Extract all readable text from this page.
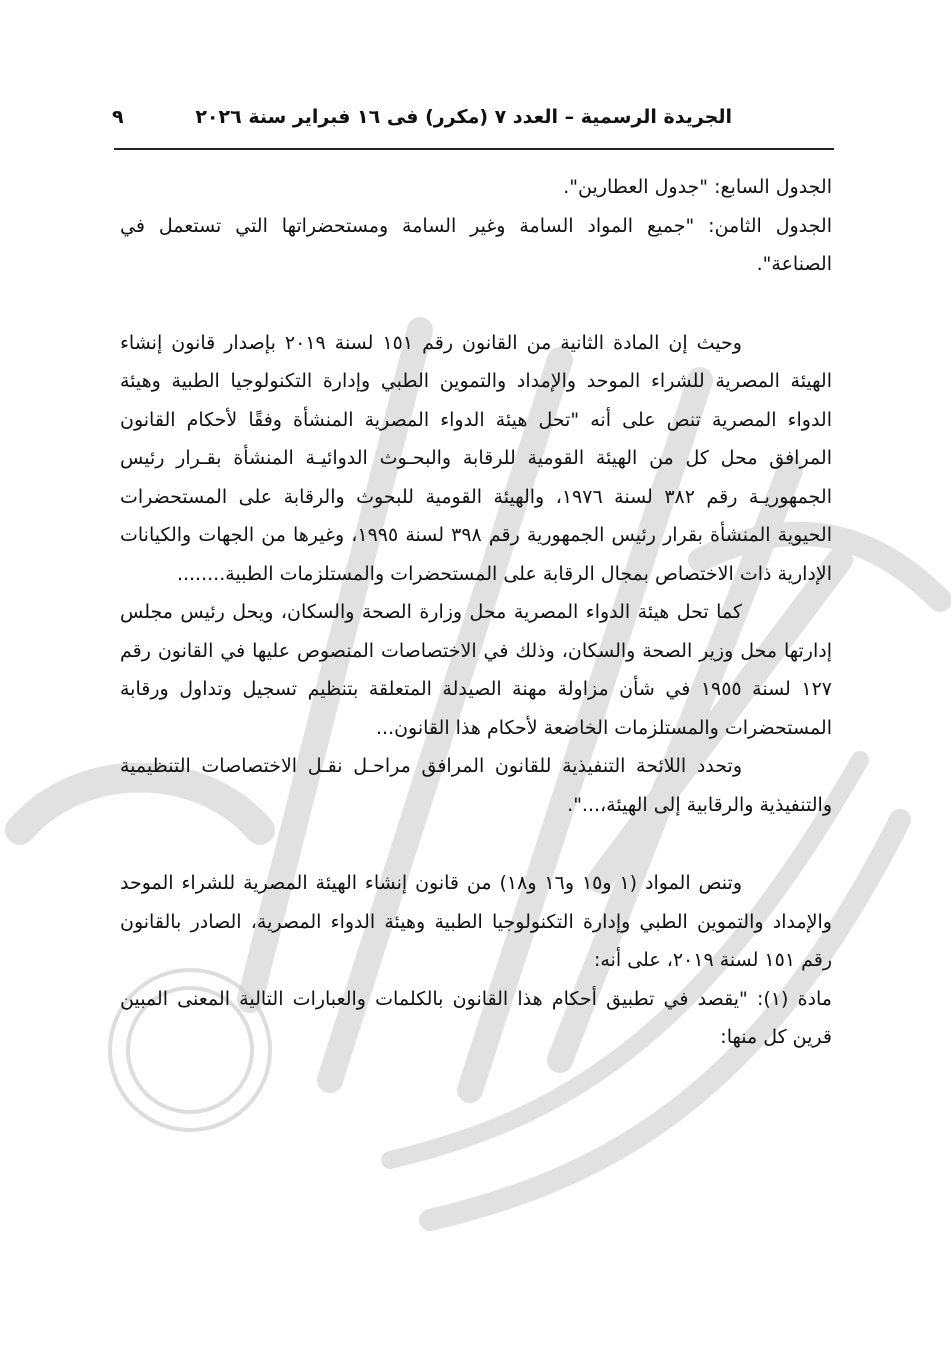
الجريدة الرسمية – العدد ٧ (مكرر) فى ١٦ فبراير سنة ٢٠٢٦
٩

الجدول السابع: "جدول العطارين".

الجدول الثامن: "جميع المواد السامة وغير السامة ومستحضراتها التي تستعمل في الصناعة".

وحيث إن المادة الثانية من القانون رقم ١٥١ لسنة ٢٠١٩ بإصدار قانون إنشاء الهيئة المصرية للشراء الموحد والإمداد والتموين الطبي وإدارة التكنولوجيا الطبية وهيئة الدواء المصرية تنص على أنه "تحل هيئة الدواء المصرية المنشأة وفقًا لأحكام القانون المرافق محل كل من الهيئة القومية للرقابة والبحـوث الدوائيـة المنشأة بقـرار رئيس الجمهوريـة رقم ٣٨٢ لسنة ١٩٧٦، والهيئة القومية للبحوث والرقابة على المستحضرات الحيوية المنشأة بقرار رئيس الجمهورية رقم ٣٩٨ لسنة ١٩٩٥، وغيرها من الجهات والكيانات الإدارية ذات الاختصاص بمجال الرقابة على المستحضرات والمستلزمات الطبية........

كما تحل هيئة الدواء المصرية محل وزارة الصحة والسكان، ويحل رئيس مجلس إدارتها محل وزير الصحة والسكان، وذلك في الاختصاصات المنصوص عليها في القانون رقم ١٢٧ لسنة ١٩٥٥ في شأن مزاولة مهنة الصيدلة المتعلقة بتنظيم تسجيل وتداول ورقابة المستحضرات والمستلزمات الخاضعة لأحكام هذا القانون...

وتحدد اللائحة التنفيذية للقانون المرافق مراحـل نقـل الاختصاصات التنظيمية والتنفيذية والرقابية إلى الهيئة،...".

وتنص المواد (١ و١٥ و١٦ و١٨) من قانون إنشاء الهيئة المصرية للشراء الموحد والإمداد والتموين الطبي وإدارة التكنولوجيا الطبية وهيئة الدواء المصرية، الصادر بالقانون رقم ١٥١ لسنة ٢٠١٩، على أنه:

مادة (١): "يقصد في تطبيق أحكام هذا القانون بالكلمات والعبارات التالية المعنى المبين قرين كل منها:
